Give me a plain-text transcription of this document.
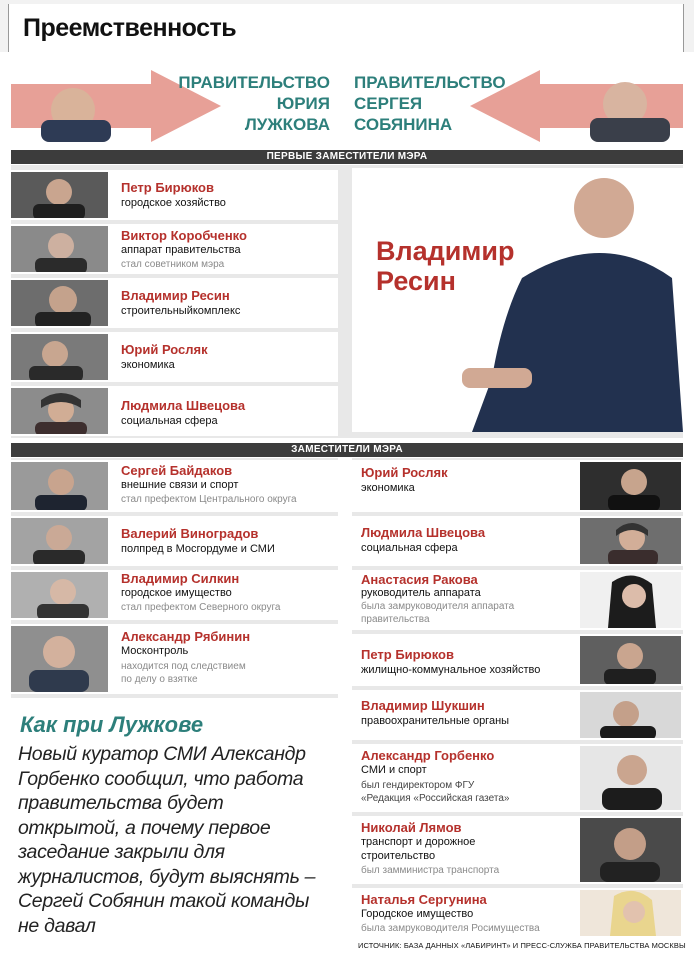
Преемственность
ПРАВИТЕЛЬСТВО
ЮРИЯ
ЛУЖКОВА
ПРАВИТЕЛЬСТВО
СЕРГЕЯ
СОБЯНИНА
ПЕРВЫЕ ЗАМЕСТИТЕЛИ МЭРА
Петр Бирюков
городское хозяйство
Виктор Коробченко
аппарат правительства
стал советником мэра
Владимир Ресин
строительныйкомплекс
Юрий Росляк
экономика
Людмила Швецова
социальная сфера
Владимир
Ресин
ЗАМЕСТИТЕЛИ МЭРА
Сергей Байдаков
внешние связи и спорт
стал префектом Центрального округа
Валерий Виноградов
полпред в Мосгордуме и СМИ
Владимир Силкин
городское имущество
стал префектом Северного округа
Александр Рябинин
Москонтроль
находится под следствием
по делу о взятке
Юрий Росляк
экономика
Людмила Швецова
социальная сфера
Анастасия Ракова
руководитель аппарата
была замруководителя аппарата
правительства
Петр Бирюков
жилищно-коммунальное хозяйство
Владимир Шукшин
правоохранительные органы
Александр Горбенко
СМИ и спорт
был гендиректором ФГУ
«Редакция «Российская газета»
Николай Лямов
транспорт и дорожное
строительство
был замминистра транспорта
Наталья Сергунина
Городское имущество
была замруководителя Росимущества
Как при Лужкове
Новый куратор СМИ Александр
Горбенко сообщил, что работа
правительства будет
открытой, а почему первое
заседание закрыли для
журналистов, будут выяснять –
Сергей Собянин такой команды
не давал
ИСТОЧНИК: БАЗА ДАННЫХ «ЛАБИРИНТ» И ПРЕСС-СЛУЖБА ПРАВИТЕЛЬСТВА МОСКВЫ
